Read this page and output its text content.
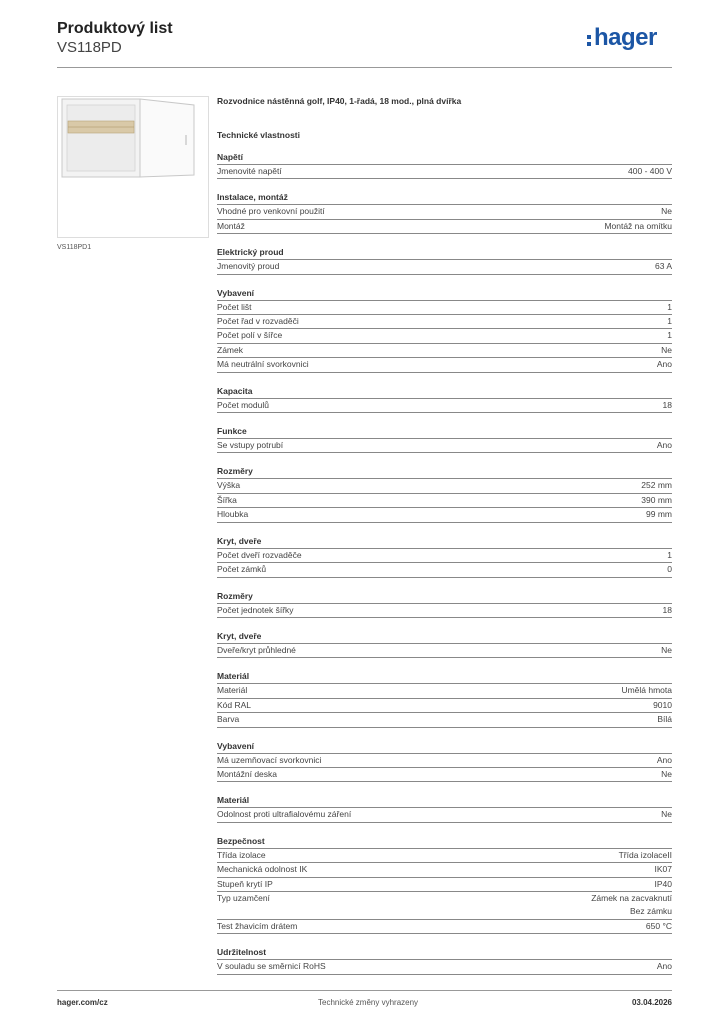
Produktový list
VS118PD	hager
VS118PD1
Rozvodnice nástěnná golf, IP40, 1-řadá, 18 mod., plná dvířka
Technické vlastnosti
Napětí
Jmenovité napětí	400 - 400 V
Instalace, montáž
Vhodné pro venkovní použití	Ne
Montáž	Montáž na omítku
Elektrický proud
Jmenovitý proud	63 A
Vybavení
Počet lišt	1
Počet řad v rozvaděči	1
Počet polí v šířce	1
Zámek	Ne
Má neutrální svorkovnici	Ano
Kapacita
Počet modulů	18
Funkce
Se vstupy potrubí	Ano
Rozměry
Výška	252 mm
Šířka	390 mm
Hloubka	99 mm
Kryt, dveře
Počet dveří rozvaděče	1
Počet zámků	0
Rozměry
Počet jednotek šířky	18
Kryt, dveře
Dveře/kryt průhledné	Ne
Materiál
Materiál	Umělá hmota
Kód RAL	9010
Barva	Bílá
Vybavení
Má uzemňovací svorkovnici	Ano
Montážní deska	Ne
Materiál
Odolnost proti ultrafialovému záření	Ne
Bezpečnost
Třída izolace	Třída izolaceII
Mechanická odolnost IK	IK07
Stupeň krytí IP	IP40
Typ uzamčení	Zámek na zacvaknutí
Bez zámku
Test žhavicím drátem	650 °C
Udržitelnost
V souladu se směrnicí RoHS	Ano
hager.com/cz	Technické změny vyhrazeny	03.04.2026
